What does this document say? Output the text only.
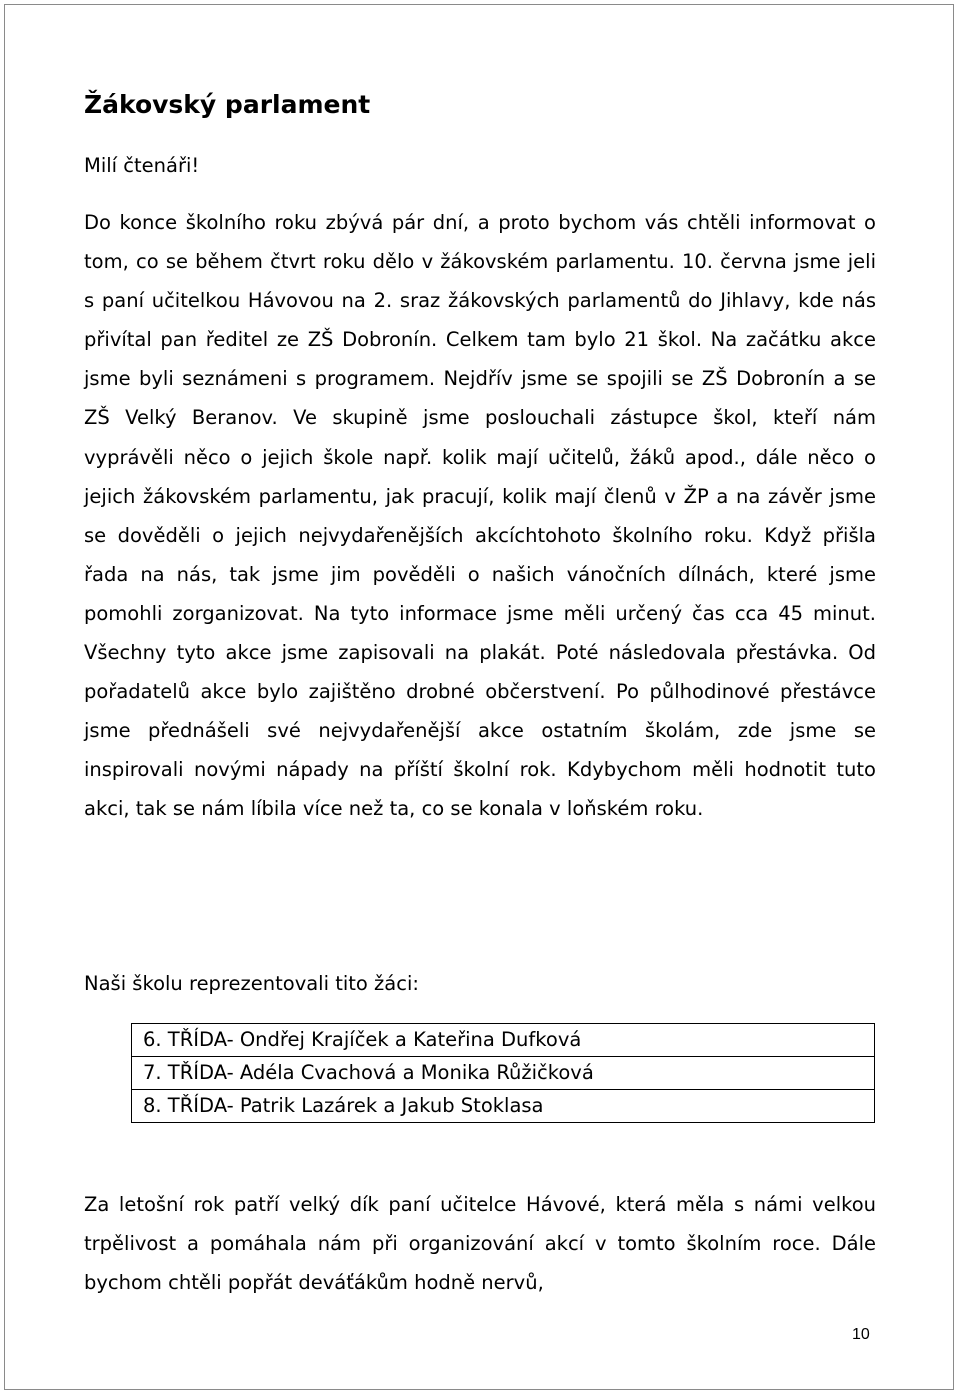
Žákovský parlament

Milí čtenáři!

Do konce školního roku zbývá pár dní, a proto bychom vás chtěli informovat o tom, co se během čtvrt roku dělo v žákovském parlamentu. 10. června jsme jeli s paní učitelkou Hávovou na 2. sraz žákovských parlamentů do Jihlavy, kde nás přivítal pan ředitel ze ZŠ Dobronín. Celkem tam bylo 21 škol. Na začátku akce jsme byli seznámeni s programem. Nejdřív jsme se spojili se ZŠ Dobronín a se ZŠ Velký Beranov. Ve skupině jsme poslouchali zástupce škol, kteří nám vyprávěli něco o jejich škole např. kolik mají učitelů, žáků apod., dále něco o jejich žákovském parlamentu, jak pracují, kolik mají členů v ŽP a na závěr jsme se dověděli o jejich nejvydařenějších akcíchtohoto školního roku. Když přišla řada na nás, tak jsme jim pověděli o našich vánočních dílnách, které jsme pomohli zorganizovat. Na tyto informace jsme měli určený čas cca 45 minut. Všechny tyto akce jsme zapisovali na plakát. Poté následovala přestávka. Od pořadatelů akce bylo zajištěno drobné občerstvení. Po půlhodinové přestávce jsme přednášeli své nejvydařenější akce ostatním školám, zde jsme se inspirovali novými nápady na příští školní rok. Kdybychom měli hodnotit tuto akci, tak se nám líbila více než ta, co se konala v loňském roku.

Naši školu reprezentovali tito žáci:

6. TŘÍDA- Ondřej Krajíček a Kateřina Dufková
7. TŘÍDA- Adéla Cvachová a Monika Růžičková
8. TŘÍDA- Patrik Lazárek a Jakub Stoklasa

Za letošní rok patří velký dík paní učitelce Hávové, která měla s námi velkou trpělivost a pomáhala nám při organizování akcí v tomto školním roce. Dále bychom chtěli popřát deváťákům hodně nervů,

10
